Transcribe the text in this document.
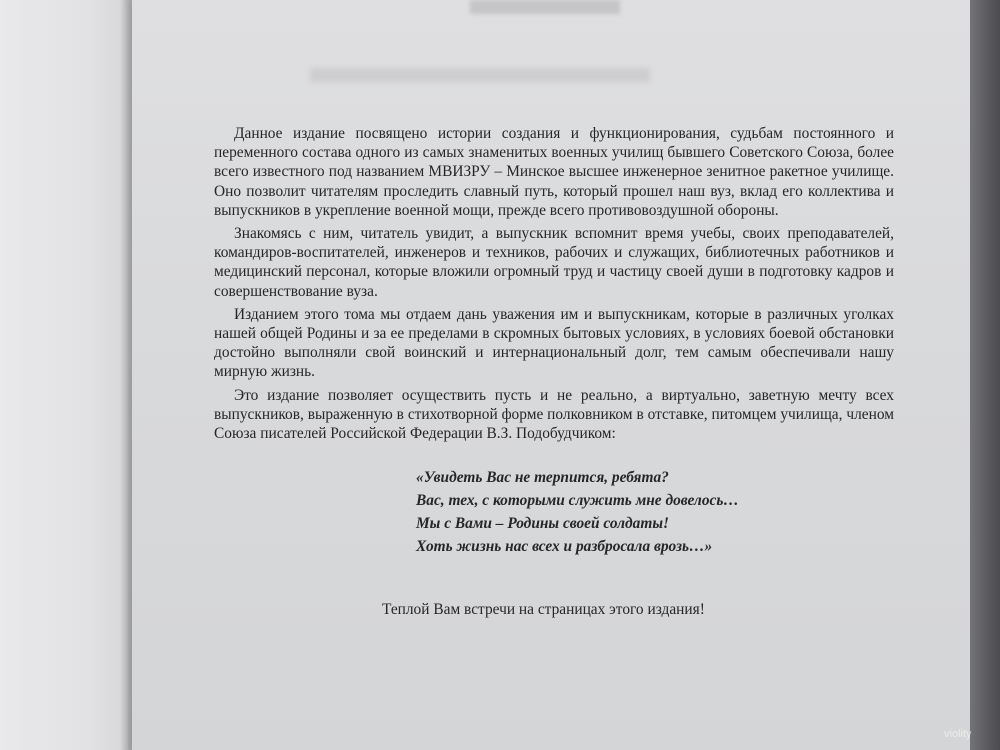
Данное издание посвящено истории создания и функционирования, судьбам постоянного и переменного состава одного из самых знаменитых военных училищ бывшего Советского Союза, более всего известного под названием МВИЗРУ – Минское высшее инженерное зенитное ракетное училище. Оно позволит читателям проследить славный путь, который прошел наш вуз, вклад его коллектива и выпускников в укрепление военной мощи, прежде всего противовоздушной обороны.

Знакомясь с ним, читатель увидит, а выпускник вспомнит время учебы, своих преподавателей, командиров-воспитателей, инженеров и техников, рабочих и служащих, библиотечных работников и медицинский персонал, которые вложили огромный труд и частицу своей души в подготовку кадров и совершенствование вуза.

Изданием этого тома мы отдаем дань уважения им и выпускникам, которые в различных уголках нашей общей Родины и за ее пределами в скромных бытовых условиях, в условиях боевой обстановки достойно выполняли свой воинский и интернациональный долг, тем самым обеспечивали нашу мирную жизнь.

Это издание позволяет осуществить пусть и не реально, а виртуально, заветную мечту всех выпускников, выраженную в стихотворной форме полковником в отставке, питомцем училища, членом Союза писателей Российской Федерации В.З. Подобудчиком:

«Увидеть Вас не терпится, ребята?
Вас, тех, с которыми служить мне довелось…
Мы с Вами – Родины своей солдаты!
Хоть жизнь нас всех и разбросала врозь…»
Теплой Вам встречи на страницах этого издания!
violity
